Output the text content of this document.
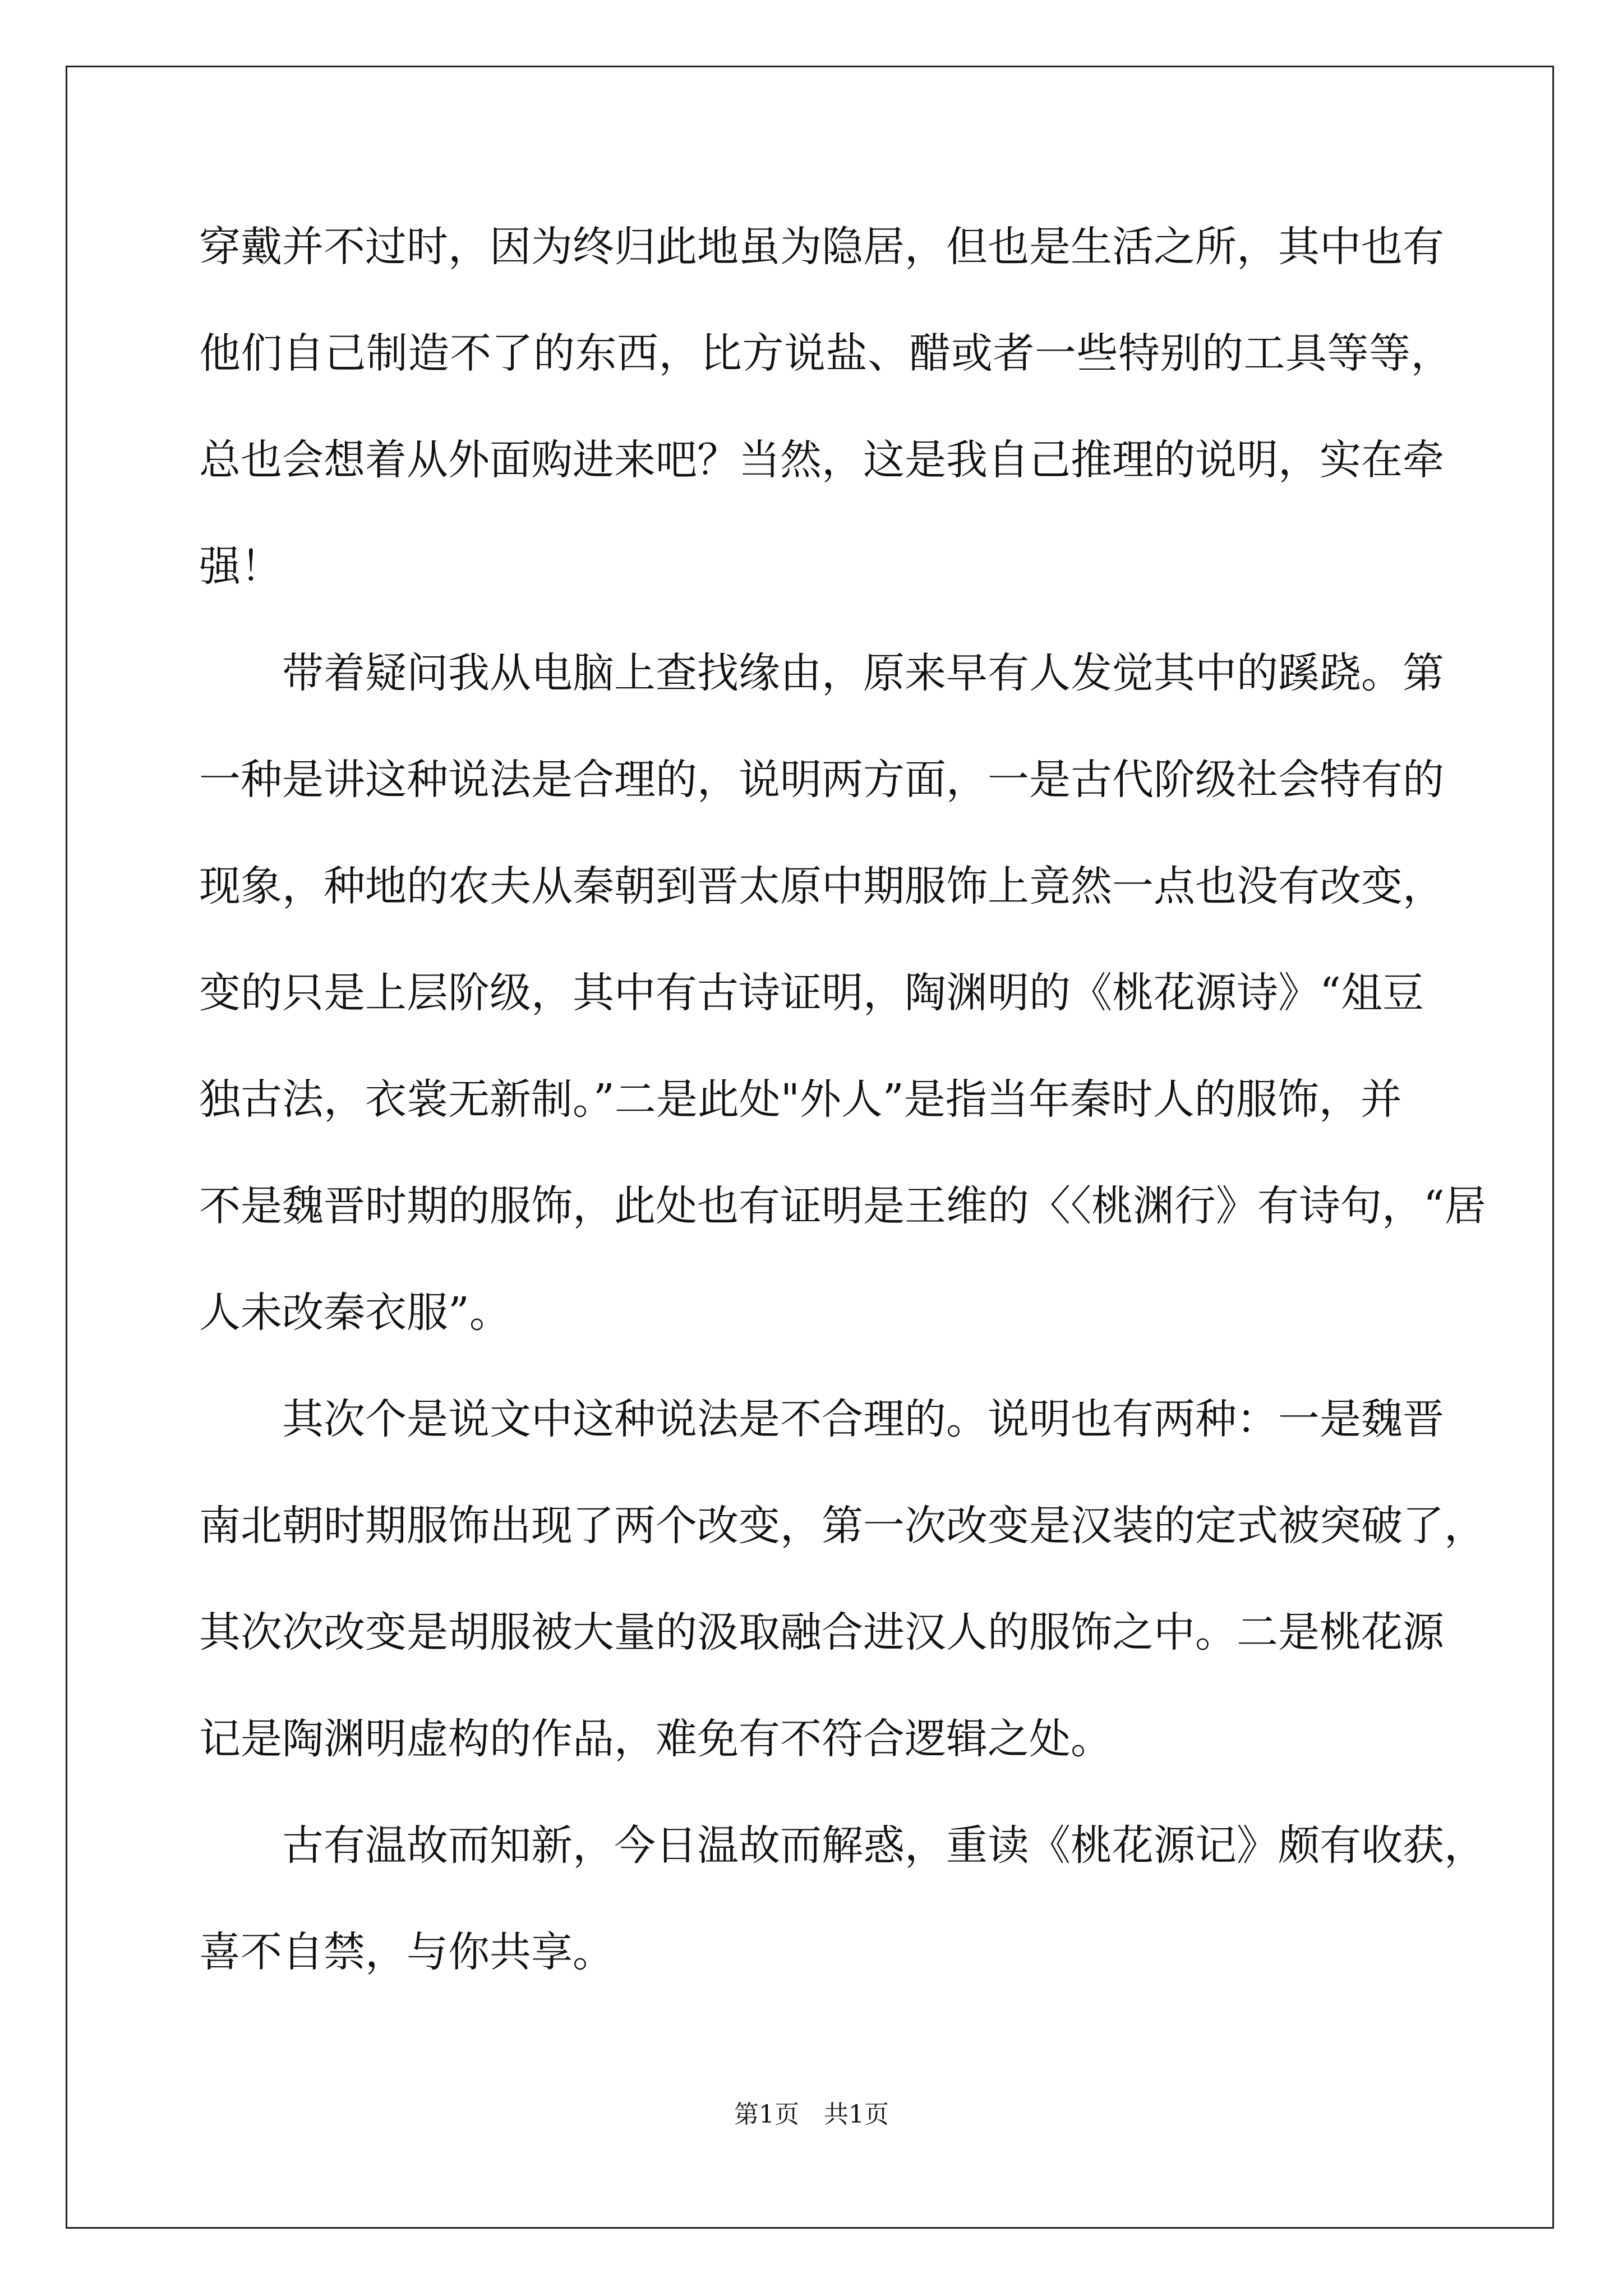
穿戴并不过时，因为终归此地虽为隐居，但也是生活之所，其中也有
他们自己制造不了的东西，比方说盐、醋或者一些特别的工具等等，
总也会想着从外面购进来吧？当然，这是我自己推理的说明，实在牵
强！
　　带着疑问我从电脑上查找缘由，原来早有人发觉其中的蹊跷。第
一种是讲这种说法是合理的，说明两方面，一是古代阶级社会特有的
现象，种地的农夫从秦朝到晋太原中期服饰上竟然一点也没有改变，
变的只是上层阶级，其中有古诗证明，陶渊明的《桃花源诗》“俎豆
独古法，衣裳无新制。”二是此处"外人”是指当年秦时人的服饰，并
不是魏晋时期的服饰，此处也有证明是王维的〈〈桃渊行》有诗句，“居
人未改秦衣服”。
　　其次个是说文中这种说法是不合理的。说明也有两种：一是魏晋
南北朝时期服饰出现了两个改变，第一次改变是汉装的定式被突破了，
其次次改变是胡服被大量的汲取融合进汉人的服饰之中。二是桃花源
记是陶渊明虚构的作品，难免有不符合逻辑之处。
　　古有温故而知新，今日温故而解惑，重读《桃花源记》颇有收获，
喜不自禁，与你共享。
第1页　共1页
